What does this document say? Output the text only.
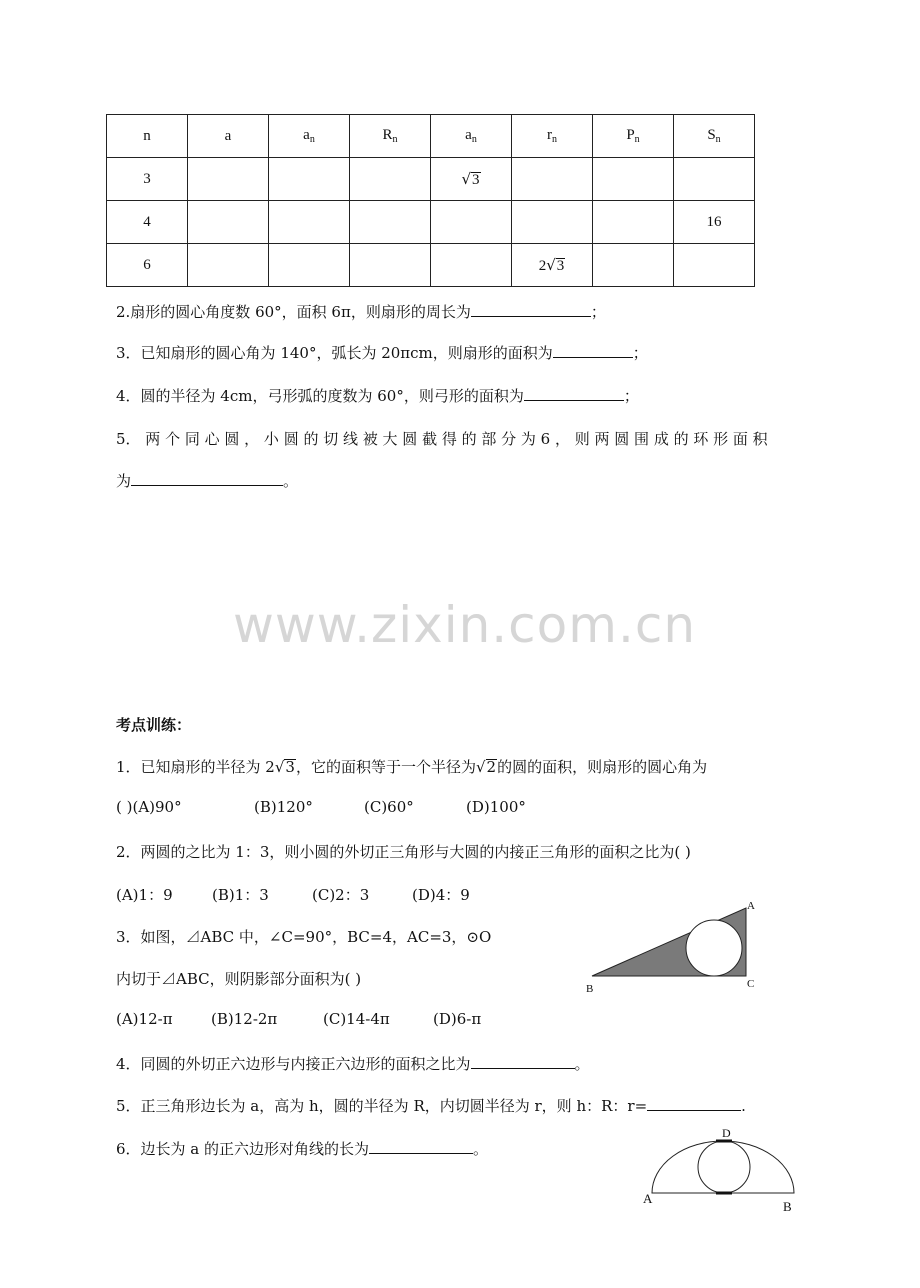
n	a	$a_n$	$R_n$	$a_n$	$r_n$	$P_n$	$S_n$
3				√3			
4							16
6					2√3		
2.扇形的圆心角度数 60°，面积 6π，则扇形的周长为	；
3．已知扇形的圆心角为 140°，弧长为 20πcm，则扇形的面积为	；
4．圆的半径为 4cm，弓形弧的度数为 60°，则弓形的面积为	；
5． 两 个 同 心 圆 ， 小 圆 的 切 线 被 大 圆 截 得 的 部 分 为 6 ， 则 两 圆 围 成 的 环 形 面 积
为	。
www.zixin.com.cn
考点训练：
1．已知扇形的半径为 2√3，它的面积等于一个半径为√2的圆的面积，则扇形的圆心角为
( )(A)90°	(B)120°	(C)60°	(D)100°
2．两圆的之比为 1：3，则小圆的外切正三角形与大圆的内接正三角形的面积之比为( )
(A)1：9	(B)1：3	(C)2：3	(D)4：9
3．如图，⊿ABC 中，∠C=90°，BC=4，AC=3，⊙O
内切于⊿ABC，则阴影部分面积为( )
(A)12-π	(B)12-2π	(C)14-4π	(D)6-π
A
B	C
4．同圆的外切正六边形与内接正六边形的面积之比为	。
5．正三角形边长为 a，高为 h，圆的半径为 R，内切圆半径为 r，则 h：R：r=	.
6．边长为 a 的正六边形对角线的长为	。
D
A
B
